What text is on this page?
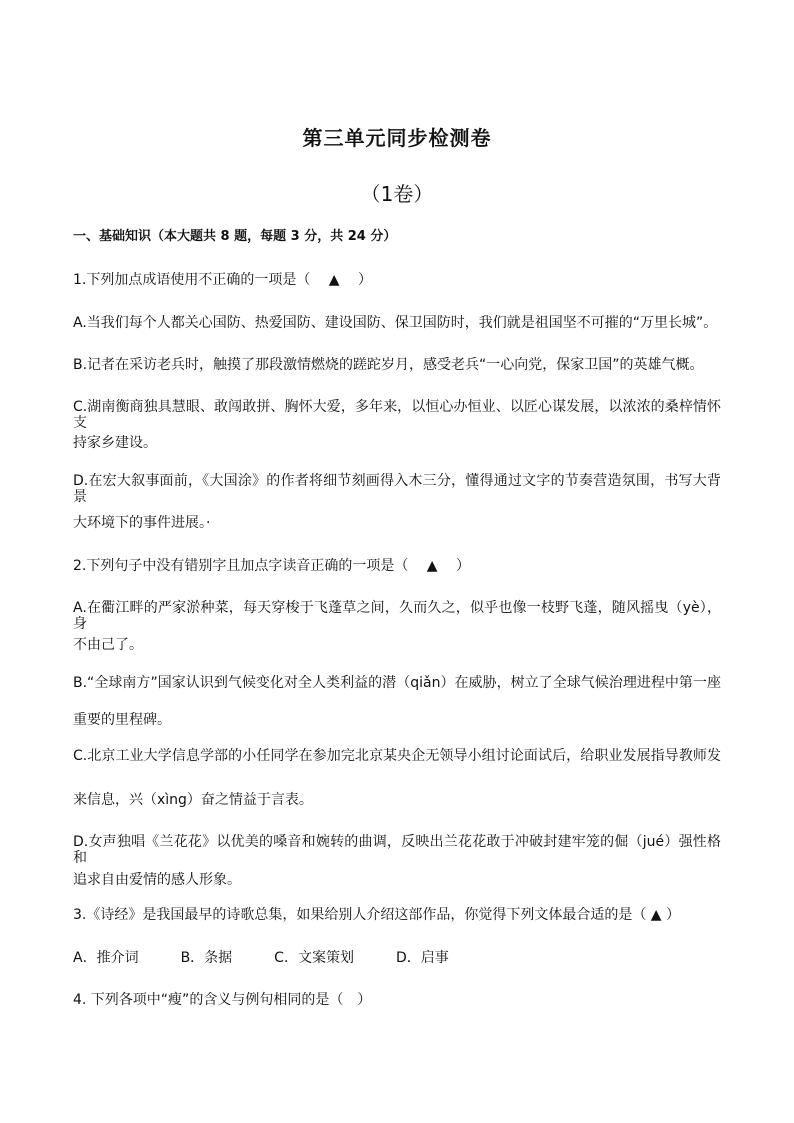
第三单元同步检测卷
（1卷）
一、基础知识（本大题共 8 题，每题 3 分，共 24 分）
1.下列加点成语使用不正确的一项是（　 ▲　 ）
A.当我们每个人都关心国防、热爱国防、建设国防、保卫国防时，我们就是祖国坚不可摧的“万里长城”。
B.记者在采访老兵时，触摸了那段激情燃烧的蹉跎岁月，感受老兵“一心向党，保家卫国”的英雄气概。
C.湖南衡商独具慧眼、敢闯敢拼、胸怀大爱，多年来，以恒心办恒业、以匠心谋发展，以浓浓的桑梓情怀支
持家乡建设。
D.在宏大叙事面前，《大国涂》的作者将细节刻画得入木三分，懂得通过文字的节奏营造氛围，书写大背景
大环境下的事件进展。·
2.下列句子中没有错别字且加点字读音正确的一项是（　 ▲　 ）
A.在衢江畔的严家淤种菜，每天穿梭于飞蓬草之间，久而久之，似乎也像一枝野飞蓬，随风摇曳（yè），身
不由己了。
B.“全球南方”国家认识到气候变化对全人类利益的潜（qiǎn）在威胁，树立了全球气候治理进程中第一座
重要的里程碑。
C.北京工业大学信息学部的小任同学在参加完北京某央企无领导小组讨论面试后，给职业发展指导教师发
来信息，兴（xìng）奋之情益于言表。
D.女声独唱《兰花花》以优美的嗓音和婉转的曲调，反映出兰花花敢于冲破封建牢笼的倔（jué）强性格和
追求自由爱情的感人形象。
3.《诗经》是我国最早的诗歌总集，如果给别人介绍这部作品，你觉得下列文体最合适的是（ ▲ ）
A．推介词　　　B．条据　　　C．文案策划　　　D．启事
4. 下列各项中“瘦”的含义与例句相同的是（　）
